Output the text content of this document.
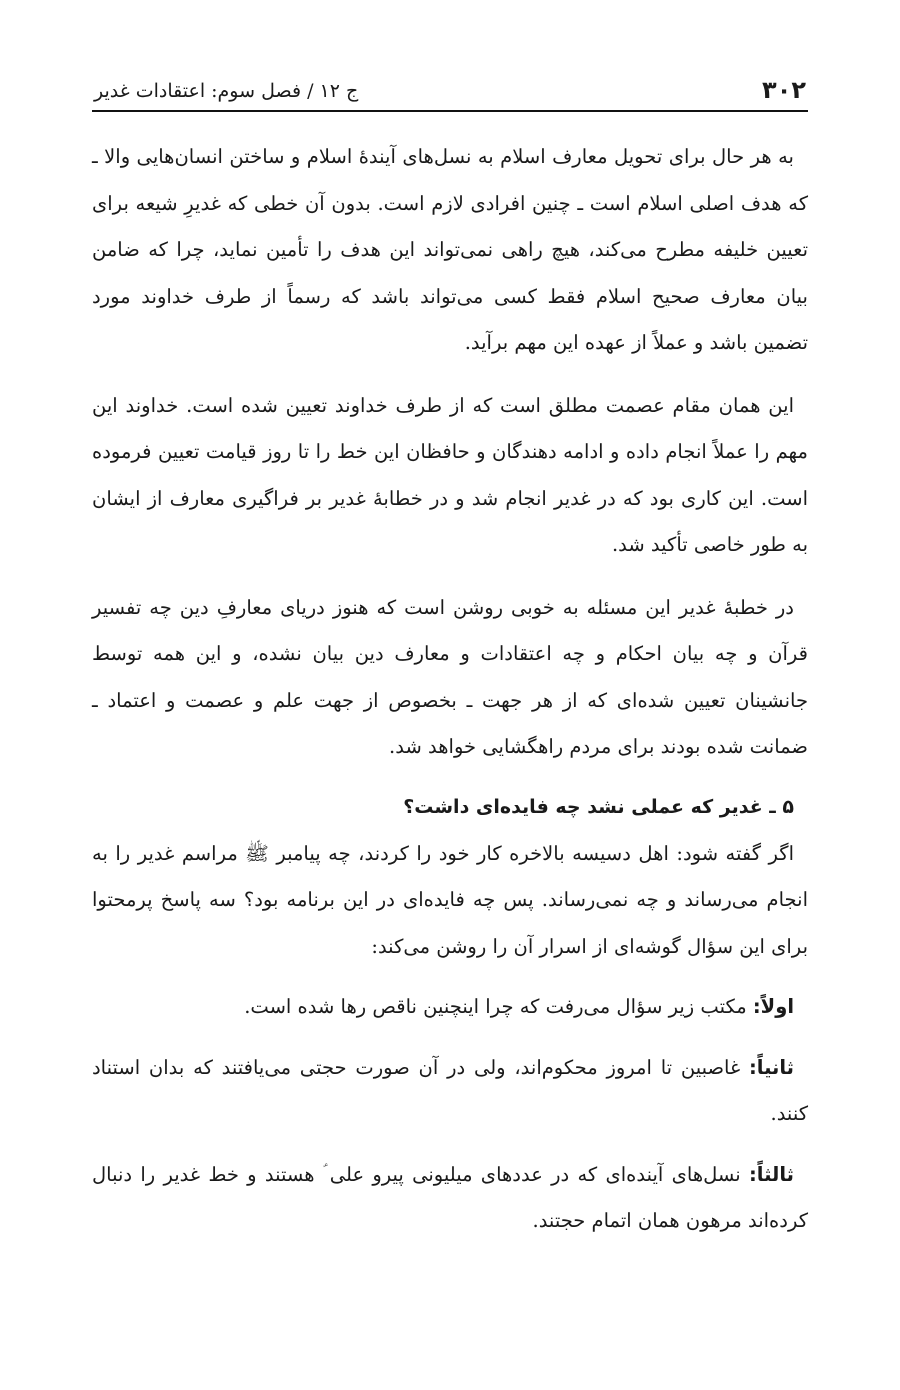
۳۰۲
ج ۱۲ / فصل سوم: اعتقادات غدیر

به هر حال برای تحویل معارف اسلام به نسل‌های آیندۀ اسلام و ساختن انسان‌هایی والا ـ که هدف اصلی اسلام است ـ چنین افرادی لازم است. بدون آن خطی که غدیرِ شیعه برای تعیین خلیفه مطرح می‌کند، هیچ راهی نمی‌تواند این هدف را تأمین نماید، چرا که ضامن بیان معارف صحیح اسلام فقط کسی می‌تواند باشد که رسماً از طرف خداوند مورد تضمین باشد و عملاً از عهده این مهم برآید.

این همان مقام عصمت مطلق است که از طرف خداوند تعیین شده است. خداوند این مهم را عملاً انجام داده و ادامه دهندگان و حافظان این خط را تا روز قیامت تعیین فرموده است. این کاری بود که در غدیر انجام شد و در خطابۀ غدیر بر فراگیری معارف از ایشان به طور خاصی تأکید شد.

در خطبۀ غدیر این مسئله به خوبی روشن است که هنوز دریای معارفِ دین چه تفسیر قرآن و چه بیان احکام و چه اعتقادات و معارف دین بیان نشده، و این همه توسط جانشینان تعیین شده‌ای که از هر جهت ـ بخصوص از جهت علم و عصمت و اعتماد ـ ضمانت شده بودند برای مردم راهگشایی خواهد شد.

۵ ـ غدیر که عملی نشد چه فایده‌ای داشت؟

اگر گفته شود: اهل دسیسه بالاخره کار خود را کردند، چه پیامبر ﷺ مراسم غدیر را به انجام می‌رساند و چه نمی‌رساند. پس چه فایده‌ای در این برنامه بود؟ سه پاسخ پرمحتوا برای این سؤال گوشه‌ای از اسرار آن را روشن می‌کند:

اولاً: مکتب زیر سؤال می‌رفت که چرا اینچنین ناقص رها شده است.

ثانیاً: غاصبین تا امروز محکوم‌اند، ولی در آن صورت حجتی می‌یافتند که بدان استناد کنند.

ثالثاً: نسل‌های آینده‌ای که در عددهای میلیونی پیرو علی ؑ هستند و خط غدیر را دنبال کرده‌اند مرهون همان اتمام حجتند.
